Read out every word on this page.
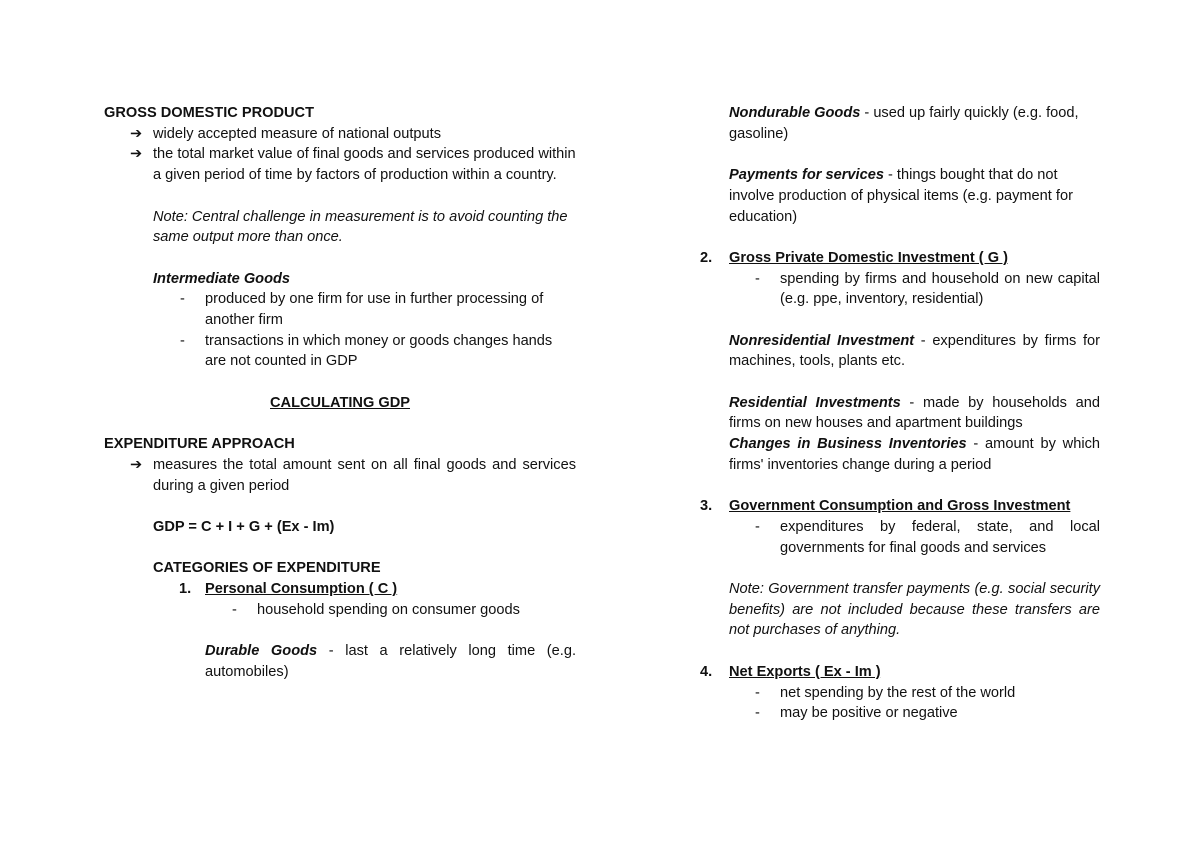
GROSS DOMESTIC PRODUCT
➔ widely accepted measure of national outputs
➔ the total market value of final goods and services produced within a given period of time by factors of production within a country.
Note: Central challenge in measurement is to avoid counting the same output more than once.
Intermediate Goods
-	produced by one firm for use in further processing of another firm
-	transactions in which money or goods changes hands are not counted in GDP
CALCULATING GDP
EXPENDITURE APPROACH
➔ measures the total amount sent on all final goods and services during a given period
GDP = C + I + G + (Ex - Im)
CATEGORIES OF EXPENDITURE
1. Personal Consumption ( C )
-	household spending on consumer goods
Durable Goods - last a relatively long time (e.g. automobiles)
Nondurable Goods - used up fairly quickly (e.g. food, gasoline)
Payments for services - things bought that do not involve production of physical items (e.g. payment for education)
2.	Gross Private Domestic Investment ( G )
-	spending by firms and household on new capital (e.g. ppe, inventory, residential)
Nonresidential Investment - expenditures by firms for machines, tools, plants etc.
Residential Investments - made by households and firms on new houses and apartment buildings
Changes in Business Inventories - amount by which firms' inventories change during a period
3.	Government Consumption and Gross Investment
-	expenditures by federal, state, and local governments for final goods and services
Note: Government transfer payments (e.g. social security benefits) are not included because these transfers are not purchases of anything.
4.	Net Exports ( Ex - Im )
-	net spending by the rest of the world
-	may be positive or negative
